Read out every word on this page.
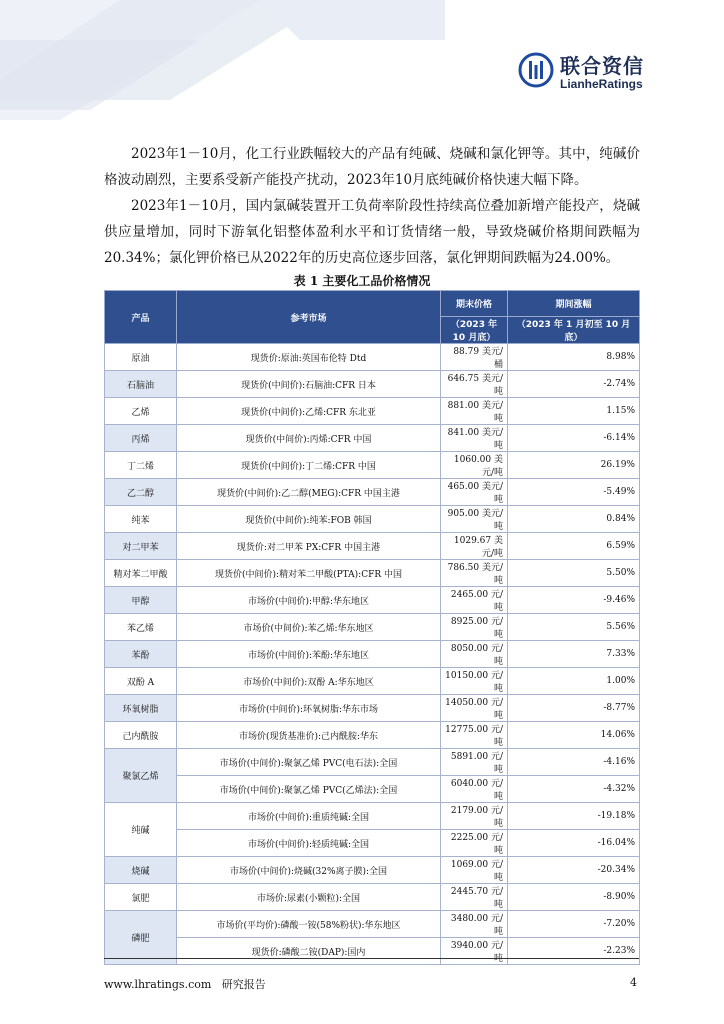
联合资信
LianheRatings

2023年1－10月，化工行业跌幅较大的产品有纯碱、烧碱和氯化钾等。其中，纯碱价格波动剧烈，主要系受新产能投产扰动，2023年10月底纯碱价格快速大幅下降。

2023年1－10月，国内氯碱装置开工负荷率阶段性持续高位叠加新增产能投产，烧碱供应量增加，同时下游氧化铝整体盈利水平和订货情绪一般，导致烧碱价格期间跌幅为20.34%；氯化钾价格已从2022年的历史高位逐步回落，氯化钾期间跌幅为24.00%。

表 1 主要化工品价格情况
产品	参考市场	期末价格	期间涨幅
		（2023 年 10 月底）	（2023 年 1 月初至 10 月底）
原油	现货价:原油:英国布伦特 Dtd	88.79 美元/桶	8.98%
石脑油	现货价(中间价):石脑油:CFR 日本	646.75 美元/吨	-2.74%
乙烯	现货价(中间价):乙烯:CFR 东北亚	881.00 美元/吨	1.15%
丙烯	现货价(中间价):丙烯:CFR 中国	841.00 美元/吨	-6.14%
丁二烯	现货价(中间价):丁二烯:CFR 中国	1060.00 美元/吨	26.19%
乙二醇	现货价(中间价):乙二醇(MEG):CFR 中国主港	465.00 美元/吨	-5.49%
纯苯	现货价(中间价):纯苯:FOB 韩国	905.00 美元/吨	0.84%
对二甲苯	现货价:对二甲苯 PX:CFR 中国主港	1029.67 美元/吨	6.59%
精对苯二甲酸	现货价(中间价):精对苯二甲酸(PTA):CFR 中国	786.50 美元/吨	5.50%
甲醇	市场价(中间价):甲醇:华东地区	2465.00 元/吨	-9.46%
苯乙烯	市场价(中间价):苯乙烯:华东地区	8925.00 元/吨	5.56%
苯酚	市场价(中间价):苯酚:华东地区	8050.00 元/吨	7.33%
双酚 A	市场价(中间价):双酚 A:华东地区	10150.00 元/吨	1.00%
环氧树脂	市场价(中间价):环氧树脂:华东市场	14050.00 元/吨	-8.77%
己内酰胺	市场价(现货基准价):己内酰胺:华东	12775.00 元/吨	14.06%
聚氯乙烯	市场价(中间价):聚氯乙烯 PVC(电石法):全国	5891.00 元/吨	-4.16%
	市场价(中间价):聚氯乙烯 PVC(乙烯法):全国	6040.00 元/吨	-4.32%
纯碱	市场价(中间价):重质纯碱:全国	2179.00 元/吨	-19.18%
	市场价(中间价):轻质纯碱:全国	2225.00 元/吨	-16.04%
烧碱	市场价(中间价):烧碱(32%离子膜):全国	1069.00 元/吨	-20.34%
氯肥	市场价:尿素(小颗粒):全国	2445.70 元/吨	-8.90%
磷肥	市场价(平均价):磷酸一铵(58%粉状):华东地区	3480.00 元/吨	-7.20%
	现货价:磷酸二铵(DAP):国内	3940.00 元/吨	-2.23%
www.lhratings.com 研究报告	4
